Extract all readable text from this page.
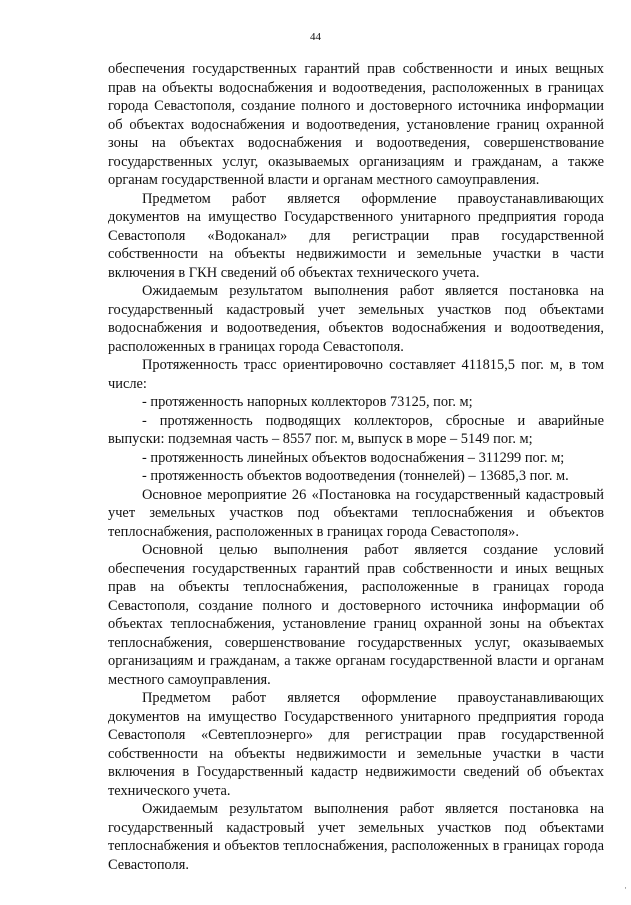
44

обеспечения государственных гарантий прав собственности и иных вещных прав на объекты водоснабжения и водоотведения, расположенных в границах города Севастополя, создание полного и достоверного источника информации об объектах водоснабжения и водоотведения, установление границ охранной зоны на объектах водоснабжения и водоотведения, совершенствование государственных услуг, оказываемых организациям и гражданам, а также органам государственной власти и органам местного самоуправления.

Предметом работ является оформление правоустанавливающих документов на имущество Государственного унитарного предприятия города Севастополя «Водоканал» для регистрации прав государственной собственности на объекты недвижимости и земельные участки в части включения в ГКН сведений об объектах технического учета.

Ожидаемым результатом выполнения работ является постановка на государственный кадастровый учет земельных участков под объектами водоснабжения и водоотведения, объектов водоснабжения и водоотведения, расположенных в границах города Севастополя.

Протяженность трасс ориентировочно составляет 411815,5 пог. м, в том числе:

- протяженность напорных коллекторов 73125, пог. м;

- протяженность подводящих коллекторов, сбросные и аварийные выпуски: подземная часть – 8557 пог. м, выпуск в море – 5149 пог. м;

- протяженность линейных объектов водоснабжения – 311299 пог. м;

- протяженность объектов водоотведения (тоннелей) – 13685,3 пог. м.

Основное мероприятие 26 «Постановка на государственный кадастровый учет земельных участков под объектами теплоснабжения и объектов теплоснабжения, расположенных в границах города Севастополя».

Основной целью выполнения работ является создание условий обеспечения государственных гарантий прав собственности и иных вещных прав на объекты теплоснабжения, расположенные в границах города Севастополя, создание полного и достоверного источника информации об объектах теплоснабжения, установление границ охранной зоны на объектах теплоснабжения, совершенствование государственных услуг, оказываемых организациям и гражданам, а также органам государственной власти и органам местного самоуправления.

Предметом работ является оформление правоустанавливающих документов на имущество Государственного унитарного предприятия города Севастополя «Севтеплоэнерго» для регистрации прав государственной собственности на объекты недвижимости и земельные участки в части включения в Государственный кадастр недвижимости сведений об объектах технического учета.

Ожидаемым результатом выполнения работ является постановка на государственный кадастровый учет земельных участков под объектами теплоснабжения и объектов теплоснабжения, расположенных в границах города Севастополя.

·
